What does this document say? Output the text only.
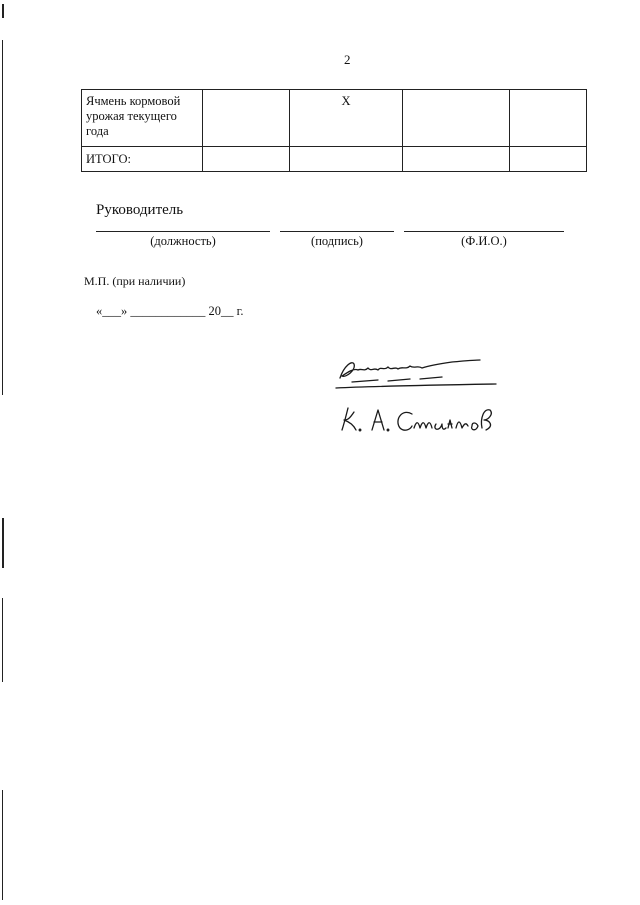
2
Ячмень кормовой урожая текущего года		X		
ИТОГО:				
Руководитель
(должность)	(подпись)	(Ф.И.О.)
М.П. (при наличии)
«___» ____________ 20__ г.
